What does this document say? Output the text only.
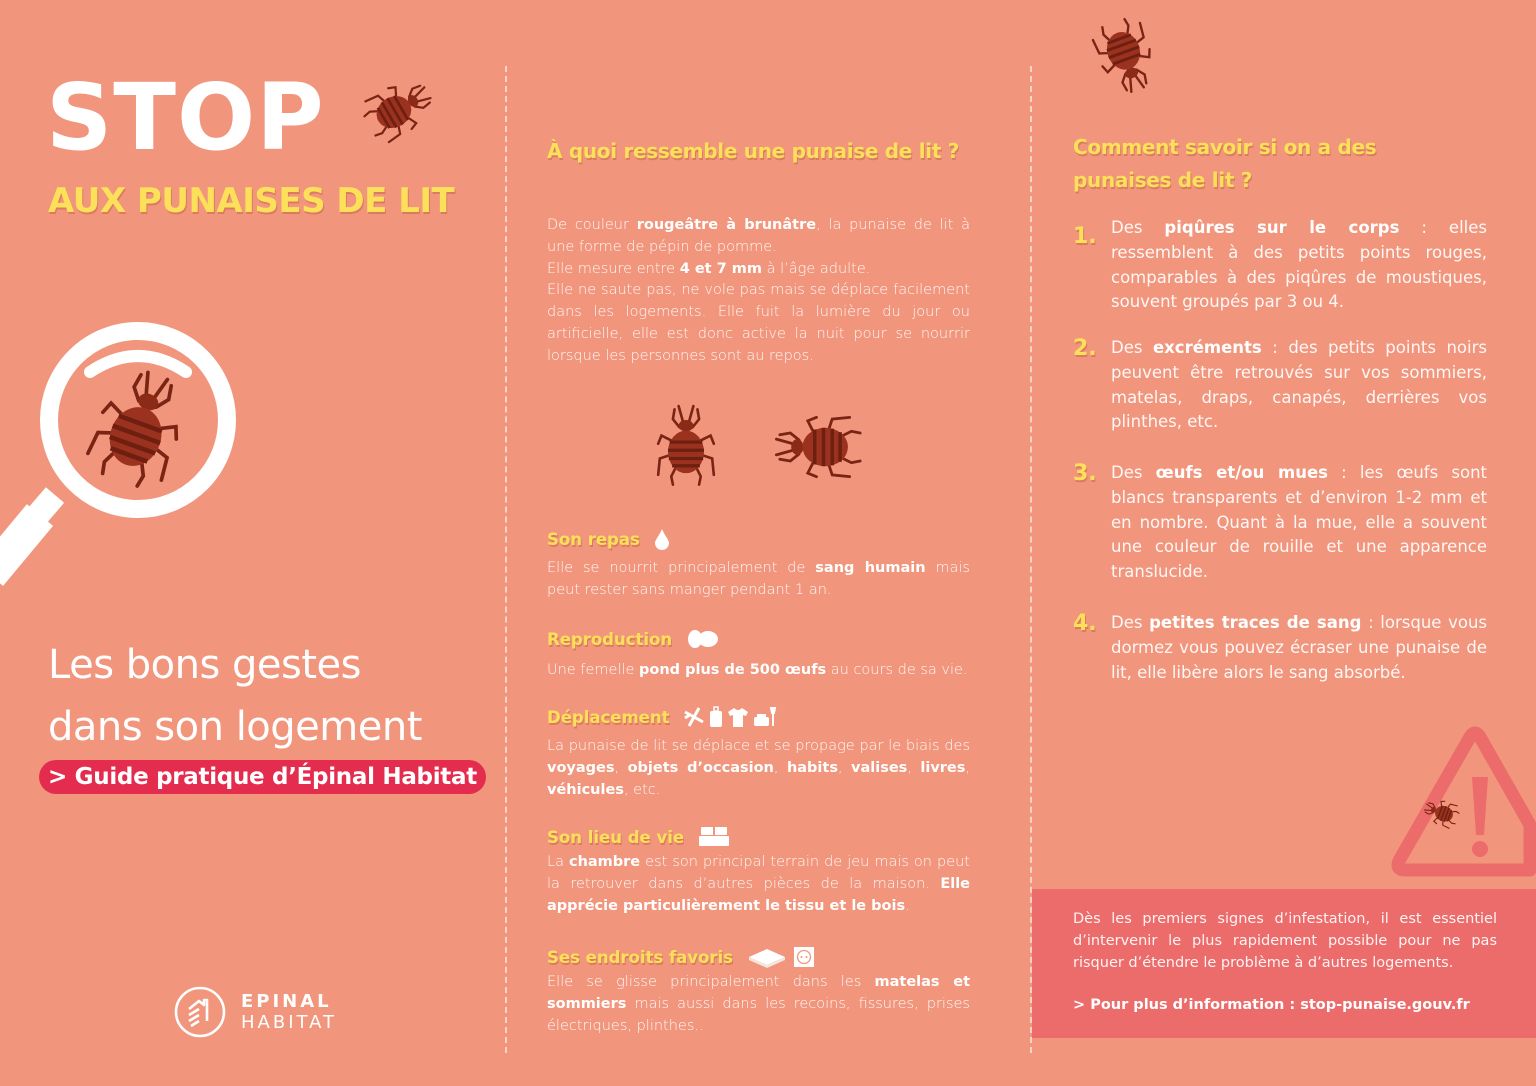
STOP
AUX PUNAISES DE LIT
Les bons gestes
dans son logement
> Guide pratique d’Épinal Habitat
EPINAL
HABITAT
À quoi ressemble une punaise de lit ?
De couleur rougeâtre à brunâtre, la punaise de lit à une forme de pépin de pomme.
Elle mesure entre 4 et 7 mm à l’âge adulte.
Elle ne saute pas, ne vole pas mais se déplace facilement dans les logements. Elle fuit la lumière du jour ou artificielle, elle est donc active la nuit pour se nourrir lorsque les personnes sont au repos.
Son repas
Elle se nourrit principalement de sang humain mais peut rester sans manger pendant 1 an.
Reproduction
Une femelle pond plus de 500 œufs au cours de sa vie.
Déplacement
La punaise de lit se déplace et se propage par le biais des voyages, objets d’occasion, habits, valises, livres, véhicules, etc.
Son lieu de vie
La chambre est son principal terrain de jeu mais on peut la retrouver dans d’autres pièces de la maison. Elle apprécie particulièrement le tissu et le bois.
Ses endroits favoris
Elle se glisse principalement dans les matelas et sommiers mais aussi dans les recoins, fissures, prises électriques, plinthes..
Comment savoir si on a des
punaises de lit ?
1. Des piqûres sur le corps : elles ressemblent à des petits points rouges, comparables à des piqûres de moustiques, souvent groupés par 3 ou 4.
2. Des excréments : des petits points noirs peuvent être retrouvés sur vos sommiers, matelas, draps, canapés, derrières vos plinthes, etc.
3. Des œufs et/ou mues : les œufs sont blancs transparents et d’environ 1-2 mm et en nombre. Quant à la mue, elle a souvent une couleur de rouille et une apparence translucide.
4. Des petites traces de sang : lorsque vous dormez vous pouvez écraser une punaise de lit, elle libère alors le sang absorbé.
Dès les premiers signes d’infestation, il est essentiel d’intervenir le plus rapidement possible pour ne pas risquer d’étendre le problème à d’autres logements.
> Pour plus d’information : stop-punaise.gouv.fr
